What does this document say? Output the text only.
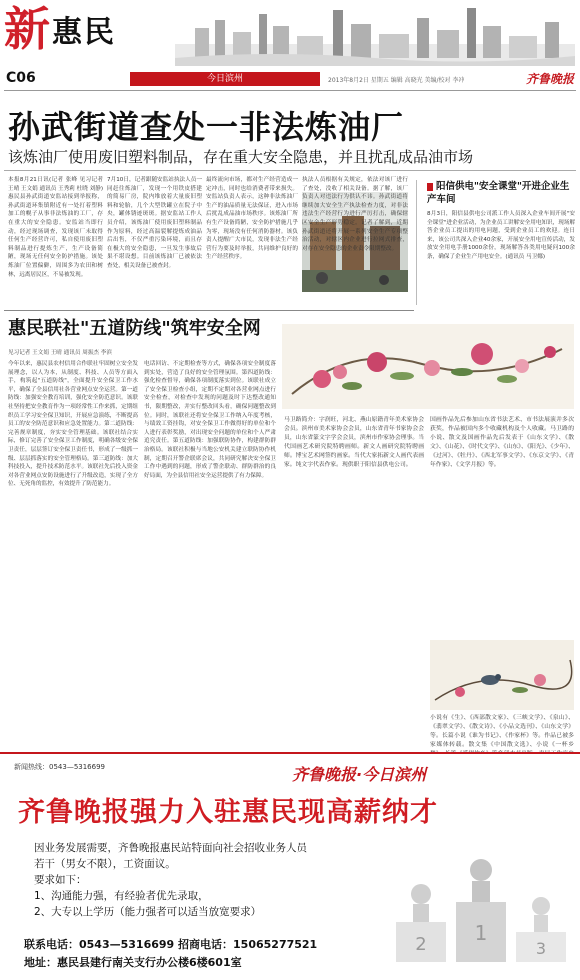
新 惠民
C06	今日滨州	2013年8月2日 星期五 编辑 高晓光 美编/校对 李冲	齐鲁晚报
孙武街道查处一非法炼油厂
该炼油厂使用废旧塑料制品，存在重大安全隐患，并且扰乱成品油市场
本报8月21日讯(记者 张峰 见习记者 王晴 王文娟 通讯员 王秀莉 杜晓 刘静)惠民县孙武街道安监站接到举报称，孙武街道环集镇附近有一处打着塑料加工的幌子从事非法炼油的工厂，存在重大的安全隐患。安监站当即行动，经过现场调查，发现该厂未取得任何生产经营许可，私自使用废旧塑料制品进行提炼生产，生产设备简陋，现场无任何安全防护措施。该处炼油厂位置偏僻，周围多为农田和树林，远离居民区，不易被发现。
7月10日，记者跟随安监站执法人员一同赶往炼油厂，发现一个用铁皮搭建的简易厂房，院内堆放着大量废旧塑料和轮胎，几个大型铁罐立在院子中央，罐体锈迹斑斑。据安监站工作人员介绍，该炼油厂使用废旧塑料制品作为原料，经过高温裂解提炼成油品后出售，不仅严重污染环境，而且存在极大的安全隐患，一旦发生事故后果不堪设想。目前该炼油厂已被依法查处，相关设备已被查封。
最终流向市场，都对生产经营造成一定冲击，同时也给消费者带来损失。安监站负责人表示，这种非法炼油厂生产的油品质量无法保证，进入市场后扰乱成品油市场秩序。该炼油厂所有生产设备简陋，安全防护措施几乎为零，现场没有任何消防器材。该负责人提醒广大市民，发现非法生产经营行为要及时举报，共同维护良好的生产经营秩序。
执法人员根据有关规定，依法对该厂进行了查处，没收了相关设备。据了解，该厂负责人对违法行为供认不讳。孙武街道将继续加大安全生产执法检查力度，对非法违法生产经营行为进行严厉打击，确保辖区安全生产形势稳定。记者了解到，近期孙武街道还将开展一系列安全生产专项整治活动，对辖区内企业进行拉网式排查，对存在安全隐患的企业责令限期整改。
阳信供电"安全课堂"开进企业生产车间
8月3日，阳信县供电公司派工作人员深入企业车间开展"安全课堂"进企业活动，为企业员工讲解安全用电知识，现场解答企业员工提出的用电问题，受到企业员工的欢迎。连日来，该公司共深入企业40余家，开展安全用电宣传活动，发放安全用电手册1000余份，现场解答各类用电疑问100余条，确保了企业生产用电安全。(通讯员 马卫娜)
惠民联社"五道防线"筑牢安全网
见习记者 王文娟 王晴 通讯员 周振杰 李滨
今年以来，惠民县农村信用合作联社牢固树立安全发展理念，以人为本，从制度、科技、人员等方面入手，构筑起"五道防线"，全面提升安全保卫工作水平，确保了全县信用社各营业网点安全运营。第一道防线：加强安全教育培训，强化安全防范意识。该联社坚持把安全教育作为一项经常性工作来抓，定期组织员工学习安全保卫知识，开展应急演练，不断提高员工的安全防范意识和应急处置能力。第二道防线：完善规章制度，夯实安全管理基础。该联社结合实际，修订完善了安全保卫工作制度，明确各级安全保卫责任，层层签订安全保卫责任书，形成了一级抓一级、层层抓落实的安全管理格局。第三道防线：加大科技投入，提升技术防范水平。该联社先后投入资金对各营业网点安防设施进行了升级改造，实现了全方位、无死角的监控，有效提升了防范能力。
电话回访、不定期检查等方式，确保各项安全制度落到实处，营造了良好的安全管理氛围。第四道防线：强化检查督导，确保各项制度落实到位。该联社成立了安全保卫检查小组，定期不定期对各营业网点进行安全检查，对检查中发现的问题及时下达整改通知书，限期整改，并实行整改回头看，确保问题整改到位。同时，该联社还将安全保卫工作纳入年度考核，与绩效工资挂钩，对安全保卫工作做得好的单位和个人进行表彰奖励，对出现安全问题的单位和个人严肃追究责任。第五道防线：加强联防协作，构建群防群治格局。该联社积极与当地公安机关建立联防协作机制，定期召开警企联席会议，共同研究解决安全保卫工作中遇到的问题，形成了警企联动、群防群治的良好局面，为全县信用社安全运营提供了有力保障。
马卫路简介：字润旺，河北、燕山原籍青年美术家协会会员。滨州市美术家协会会员，山东省青年书家协会会员，山东省篆文字学会会员，滨州市作家协会理事。当代国画艺术研究院特聘画师。新文人画研究院特聘画师。博宝艺术网签约画家。当代大家拓新文人画代表画家。纯文字代表作家。现供职于阳信县供电公司。
国画作品先后参加山东省书法艺术、市书法展演并多次获奖，作品被国内多个收藏机构及个人收藏。马卫路的小说、散文及国画作品先后发表于《山东文学》、《散文》、《山花》、《时代文学》、《山东》、《阳光》、《少年》、《过河》、《牡丹》、《西北军事文学》、《东京文学》、《青年作家》、《文学月报》等。
小说有《生》、《西部散文家》、《三峡文学》、《泉山》、《翡翠文学》、《散文诗》、《小品文选刊》、《山东文学》等。长篇小说《谁为书记》、《作家杯》等。作品已被多家媒体转载。散文集《中国散文选》、小说《一杯乡
新闻热线：0543—5316699	齐鲁晚报·今日滨州
齐鲁晚报强力入驻惠民现高薪纳才
因业务发展需要，齐鲁晚报惠民站特面向社会招收业务人员
若干（男女不限），工资面议。
要求如下：
1、沟通能力强，有经验者优先录取，
2、大专以上学历（能力强者可以适当放宽要求）
2 1
3
联系电话：0543—5316699 招商电话：15065277521
地址：惠民县建行南关支行办公楼6楼601室
